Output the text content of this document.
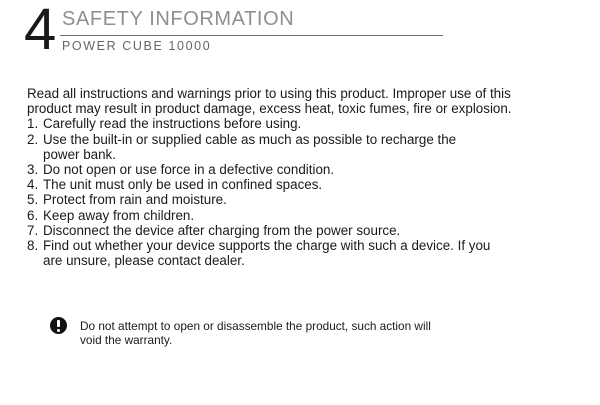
4 SAFETY INFORMATION
POWER CUBE 10000

Read all instructions and warnings prior to using this product. Improper use of this
product may result in product damage, excess heat, toxic fumes, fire or explosion.

1. Carefully read the instructions before using.
2. Use the built-in or supplied cable as much as possible to recharge the
power bank.
3. Do not open or use force in a defective condition.
4. The unit must only be used in confined spaces.
5. Protect from rain and moisture.
6. Keep away from children.
7. Disconnect the device after charging from the power source.
8. Find out whether your device supports the charge with such a device. If you
are unsure, please contact dealer.
Do not attempt to open or disassemble the product, such action will
void the warranty.
